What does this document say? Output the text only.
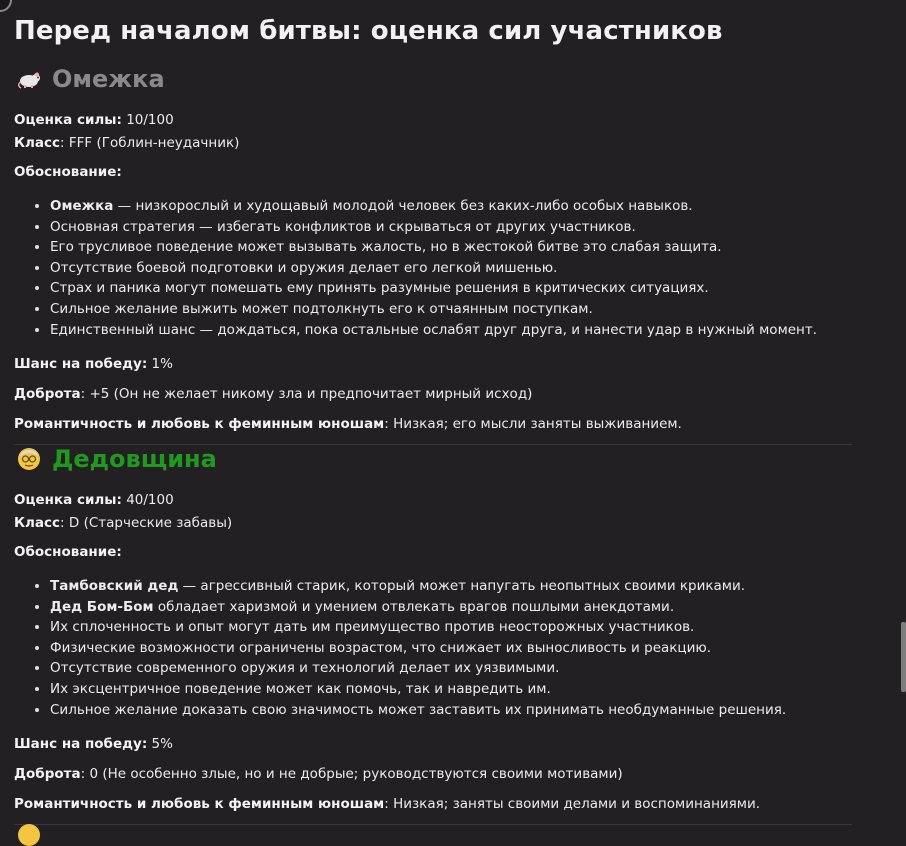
Перед началом битвы: оценка сил участников
Омежка
Оценка силы: 10/100
Класс: FFF (Гоблин-неудачник)
Обоснование:
• Омежка — низкорослый и худощавый молодой человек без каких-либо особых навыков.
• Основная стратегия — избегать конфликтов и скрываться от других участников.
• Его трусливое поведение может вызывать жалость, но в жестокой битве это слабая защита.
• Отсутствие боевой подготовки и оружия делает его легкой мишенью.
• Страх и паника могут помешать ему принять разумные решения в критических ситуациях.
• Сильное желание выжить может подтолкнуть его к отчаянным поступкам.
• Единственный шанс — дождаться, пока остальные ослабят друг друга, и нанести удар в нужный момент.
Шанс на победу: 1%
Доброта: +5 (Он не желает никому зла и предпочитает мирный исход)
Романтичность и любовь к феминным юношам: Низкая; его мысли заняты выживанием.
Дедовщина
Оценка силы: 40/100
Класс: D (Старческие забавы)
Обоснование:
• Тамбовский дед — агрессивный старик, который может напугать неопытных своими криками.
• Дед Бом-Бом обладает харизмой и умением отвлекать врагов пошлыми анекдотами.
• Их сплоченность и опыт могут дать им преимущество против неосторожных участников.
• Физические возможности ограничены возрастом, что снижает их выносливость и реакцию.
• Отсутствие современного оружия и технологий делает их уязвимыми.
• Их эксцентричное поведение может как помочь, так и навредить им.
• Сильное желание доказать свою значимость может заставить их принимать необдуманные решения.
Шанс на победу: 5%
Доброта: 0 (Не особенно злые, но и не добрые; руководствуются своими мотивами)
Романтичность и любовь к феминным юношам: Низкая; заняты своими делами и воспоминаниями.
